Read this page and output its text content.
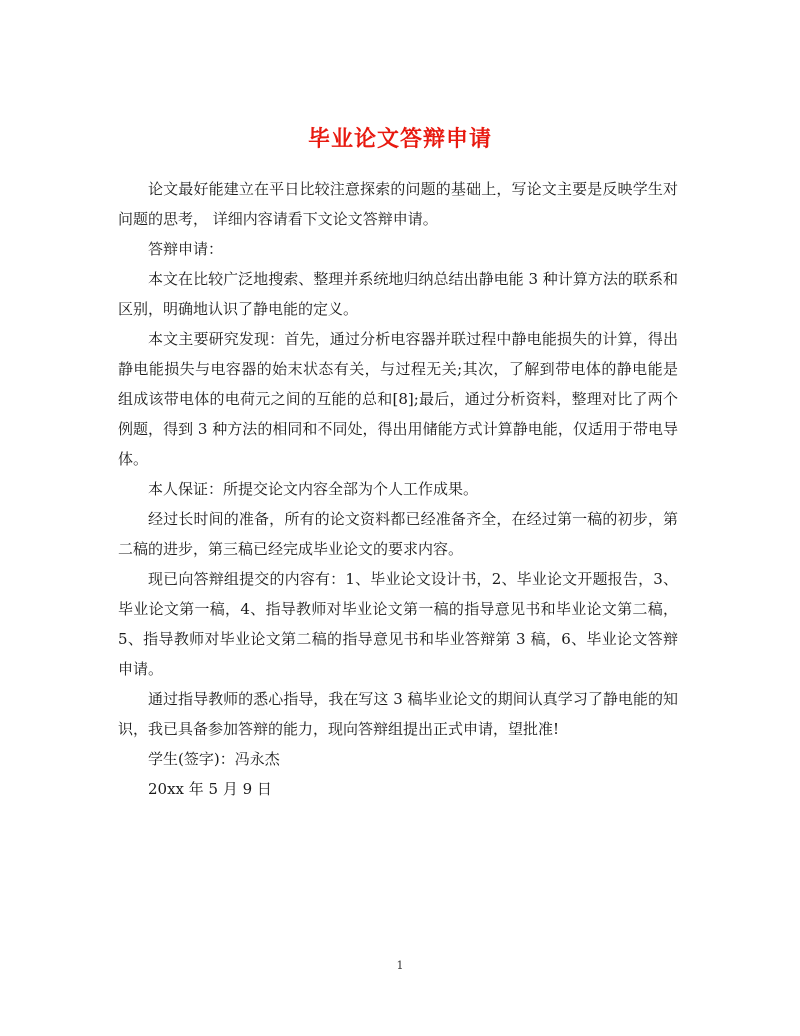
毕业论文答辩申请

论文最好能建立在平日比较注意探索的问题的基础上，写论文主要是反映学生对问题的思考， 详细内容请看下文论文答辩申请。

答辩申请：

本文在比较广泛地搜索、整理并系统地归纳总结出静电能 3 种计算方法的联系和区别，明确地认识了静电能的定义。

本文主要研究发现：首先，通过分析电容器并联过程中静电能损失的计算，得出静电能损失与电容器的始末状态有关，与过程无关;其次，了解到带电体的静电能是组成该带电体的电荷元之间的互能的总和[8];最后，通过分析资料，整理对比了两个例题，得到 3 种方法的相同和不同处，得出用储能方式计算静电能，仅适用于带电导体。

本人保证：所提交论文内容全部为个人工作成果。

经过长时间的准备，所有的论文资料都已经准备齐全，在经过第一稿的初步，第二稿的进步，第三稿已经完成毕业论文的要求内容。

现已向答辩组提交的内容有：1、毕业论文设计书，2、毕业论文开题报告，3、毕业论文第一稿，4、指导教师对毕业论文第一稿的指导意见书和毕业论文第二稿，5、指导教师对毕业论文第二稿的指导意见书和毕业答辩第 3 稿，6、毕业论文答辩申请。

通过指导教师的悉心指导，我在写这 3 稿毕业论文的期间认真学习了静电能的知识，我已具备参加答辩的能力，现向答辩组提出正式申请，望批准!

学生(签字)：冯永杰

20xx 年 5 月 9 日

1
